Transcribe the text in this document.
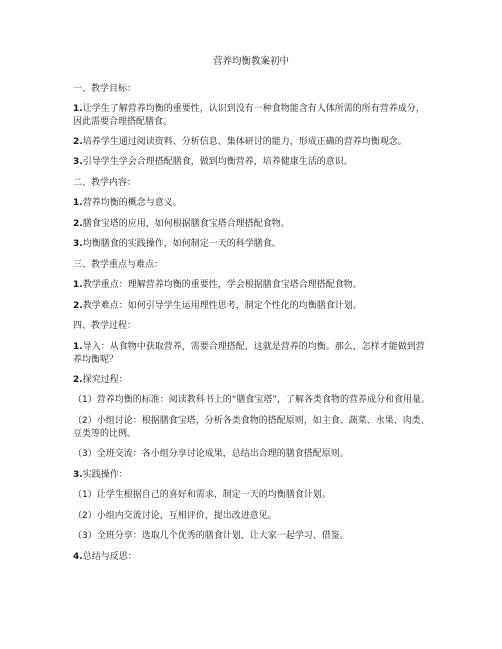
营养均衡教案初中
一、教学目标：
1.让学生了解营养均衡的重要性，认识到没有一种食物能含有人体所需的所有营养成分，
因此需要合理搭配膳食。
2.培养学生通过阅读资料、分析信息、集体研讨的能力，形成正确的营养均衡观念。
3.引导学生学会合理搭配膳食，做到均衡营养，培养健康生活的意识。
二、教学内容：
1.营养均衡的概念与意义。
2.膳食宝塔的应用，如何根据膳食宝塔合理搭配食物。
3.均衡膳食的实践操作，如何制定一天的科学膳食。
三、教学重点与难点：
1.教学重点：理解营养均衡的重要性，学会根据膳食宝塔合理搭配食物。
2.教学难点：如何引导学生运用理性思考，制定个性化的均衡膳食计划。
四、教学过程：
1.导入：从食物中获取营养，需要合理搭配，这就是营养的均衡。那么，怎样才能做到营
养均衡呢？
2.探究过程：
（1）营养均衡的标准：阅读教科书上的“膳食宝塔”，了解各类食物的营养成分和食用量。
（2）小组讨论：根据膳食宝塔，分析各类食物的搭配原则，如主食、蔬菜、水果、肉类、
豆类等的比例。
（3）全班交流：各小组分享讨论成果，总结出合理的膳食搭配原则。
3.实践操作：
（1）让学生根据自己的喜好和需求，制定一天的均衡膳食计划。
（2）小组内交流讨论，互相评价，提出改进意见。
（3）全班分享：选取几个优秀的膳食计划，让大家一起学习、借鉴。
4.总结与反思：
